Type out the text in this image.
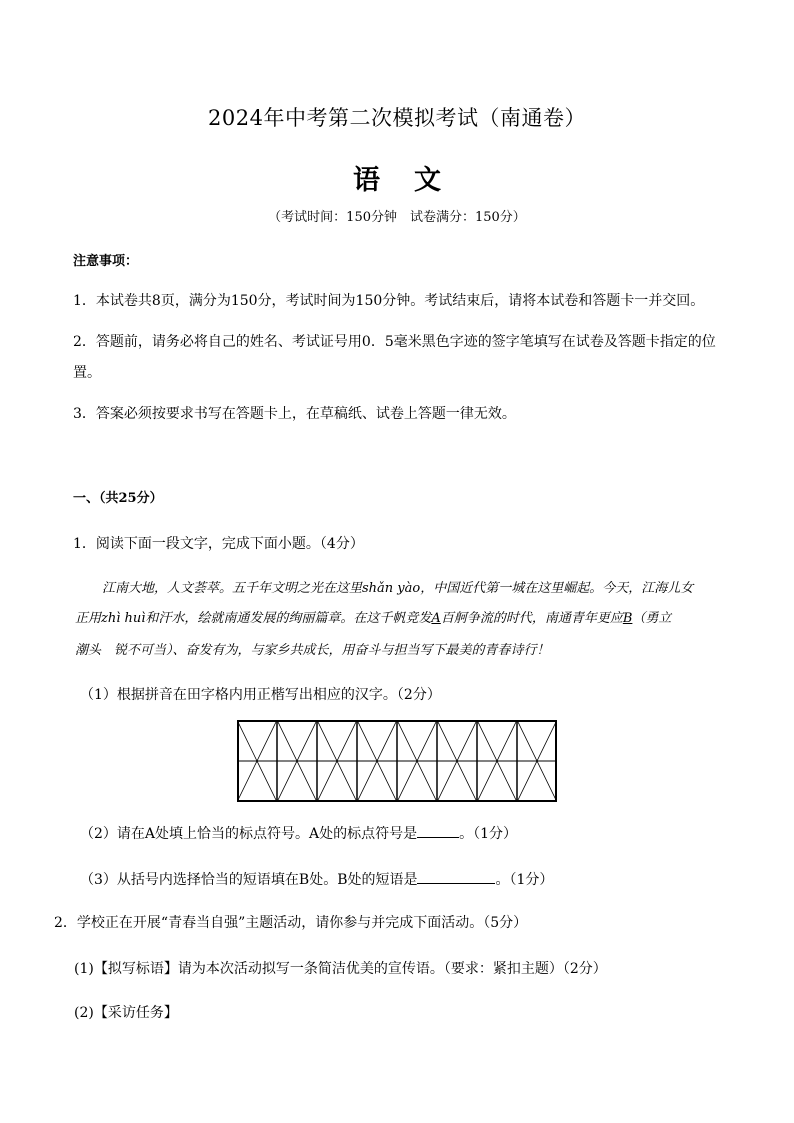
2024年中考第二次模拟考试（南通卷）
语文
（考试时间：150分钟　试卷满分：150分）
注意事项：
1．本试卷共8页，满分为150分，考试时间为150分钟。考试结束后，请将本试卷和答题卡一并交回。
2．答题前，请务必将自己的姓名、考试证号用0．5毫米黑色字迹的签字笔填写在试卷及答题卡指定的位
置。
3．答案必须按要求书写在答题卡上，在草稿纸、试卷上答题一律无效。
一、（共25分）
1．阅读下面一段文字，完成下面小题。（4分）
江南大地，人文荟萃。五千年文明之光在这里shǎn yào，中国近代第一城在这里崛起。今天，江海儿女
正用zhì huì和汗水，绘就南通发展的绚丽篇章。在这千帆竞发A百舸争流的时代，南通青年更应B（勇立
潮头　锐不可当）、奋发有为，与家乡共成长，用奋斗与担当写下最美的青春诗行！
（1）根据拼音在田字格内用正楷写出相应的汉字。（2分）
（2）请在A处填上恰当的标点符号。A处的标点符号是	。（1分）
（3）从括号内选择恰当的短语填在B处。B处的短语是	。（1分）
2．学校正在开展“青春当自强”主题活动，请你参与并完成下面活动。（5分）
(1)【拟写标语】请为本次活动拟写一条简洁优美的宣传语。（要求：紧扣主题）（2分）
(2)【采访任务】
